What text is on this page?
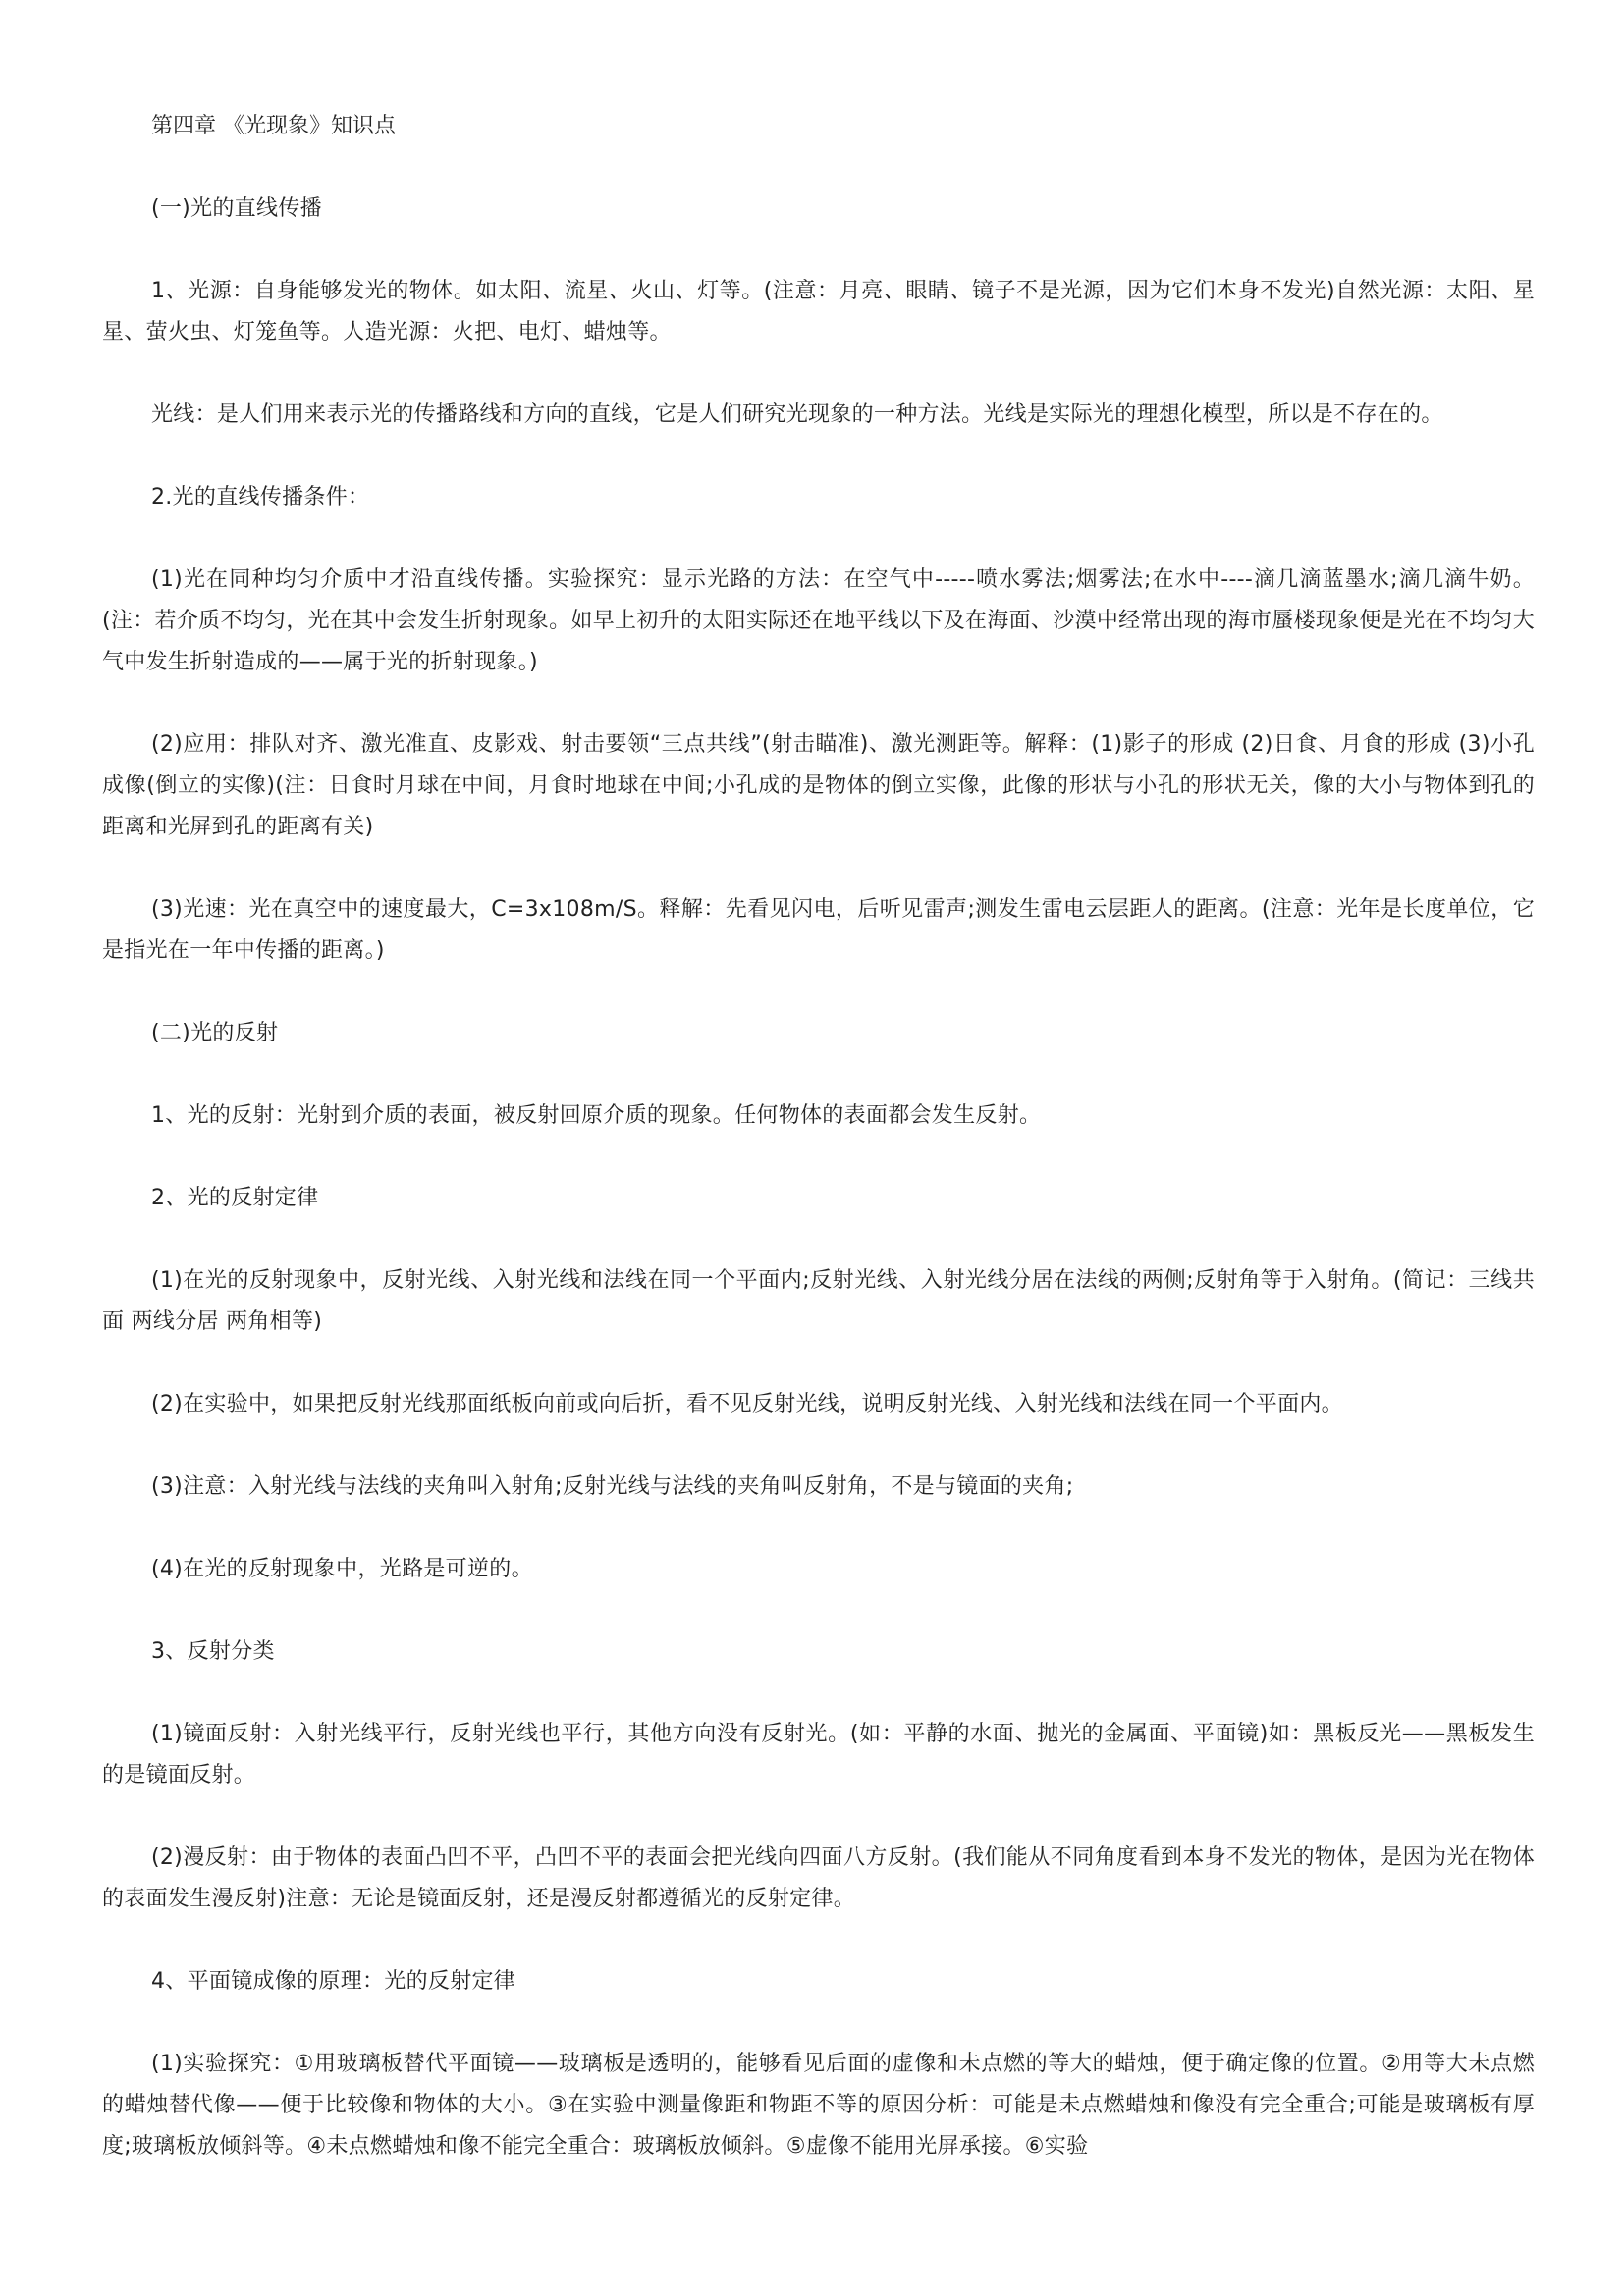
第四章 《光现象》知识点

(一)光的直线传播

1、光源：自身能够发光的物体。如太阳、流星、火山、灯等。(注意：月亮、眼睛、镜子不是光源，因为它们本身不发光)自然光源：太阳、星星、萤火虫、灯笼鱼等。人造光源：火把、电灯、蜡烛等。

光线：是人们用来表示光的传播路线和方向的直线，它是人们研究光现象的一种方法。光线是实际光的理想化模型，所以是不存在的。

2.光的直线传播条件：

(1)光在同种均匀介质中才沿直线传播。实验探究：显示光路的方法：在空气中-----喷水雾法;烟雾法;在水中----滴几滴蓝墨水;滴几滴牛奶。(注：若介质不均匀，光在其中会发生折射现象。如早上初升的太阳实际还在地平线以下及在海面、沙漠中经常出现的海市蜃楼现象便是光在不均匀大气中发生折射造成的——属于光的折射现象。)

(2)应用：排队对齐、激光准直、皮影戏、射击要领“三点共线”(射击瞄准)、激光测距等。解释：(1)影子的形成 (2)日食、月食的形成 (3)小孔成像(倒立的实像)(注：日食时月球在中间，月食时地球在中间;小孔成的是物体的倒立实像，此像的形状与小孔的形状无关，像的大小与物体到孔的距离和光屏到孔的距离有关)

(3)光速：光在真空中的速度最大，C=3x108m/S。释解：先看见闪电，后听见雷声;测发生雷电云层距人的距离。(注意：光年是长度单位，它是指光在一年中传播的距离。)

(二)光的反射

1、光的反射：光射到介质的表面，被反射回原介质的现象。任何物体的表面都会发生反射。

2、光的反射定律

(1)在光的反射现象中，反射光线、入射光线和法线在同一个平面内;反射光线、入射光线分居在法线的两侧;反射角等于入射角。(简记：三线共面 两线分居 两角相等)

(2)在实验中，如果把反射光线那面纸板向前或向后折，看不见反射光线，说明反射光线、入射光线和法线在同一个平面内。

(3)注意：入射光线与法线的夹角叫入射角;反射光线与法线的夹角叫反射角，不是与镜面的夹角;

(4)在光的反射现象中，光路是可逆的。

3、反射分类

(1)镜面反射：入射光线平行，反射光线也平行，其他方向没有反射光。(如：平静的水面、抛光的金属面、平面镜)如：黑板反光——黑板发生的是镜面反射。

(2)漫反射：由于物体的表面凸凹不平，凸凹不平的表面会把光线向四面八方反射。(我们能从不同角度看到本身不发光的物体，是因为光在物体的表面发生漫反射)注意：无论是镜面反射，还是漫反射都遵循光的反射定律。

4、平面镜成像的原理：光的反射定律

(1)实验探究：①用玻璃板替代平面镜——玻璃板是透明的，能够看见后面的虚像和未点燃的等大的蜡烛，便于确定像的位置。②用等大未点燃的蜡烛替代像——便于比较像和物体的大小。③在实验中测量像距和物距不等的原因分析：可能是未点燃蜡烛和像没有完全重合;可能是玻璃板有厚度;玻璃板放倾斜等。④未点燃蜡烛和像不能完全重合：玻璃板放倾斜。⑤虚像不能用光屏承接。⑥实验
